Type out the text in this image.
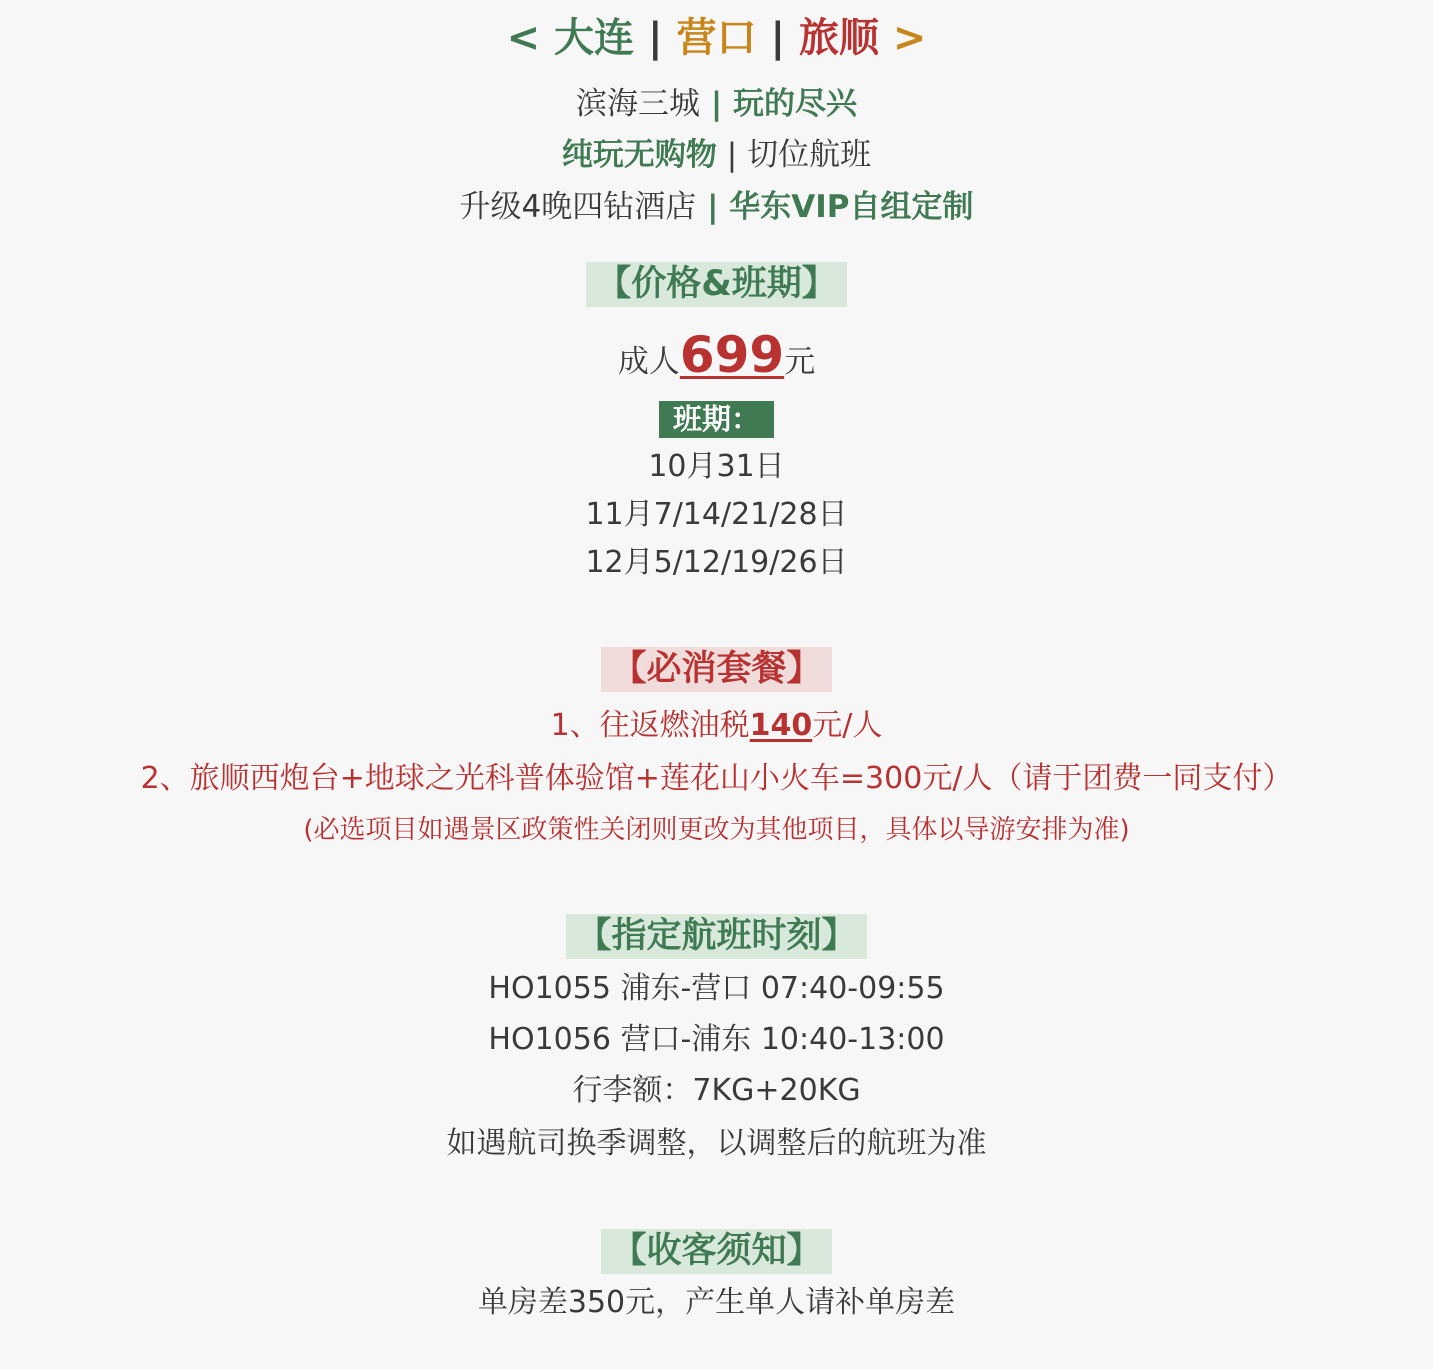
< 大连 | 营口 | 旅顺 >
滨海三城 | 玩的尽兴
纯玩无购物 | 切位航班
升级4晚四钻酒店 | 华东VIP自组定制
【价格&班期】
成人699元
班期：
10月31日
11月7/14/21/28日
12月5/12/19/26日
【必消套餐】
1、往返燃油税140元/人
2、旅顺西炮台+地球之光科普体验馆+莲花山小火车=300元/人（请于团费一同支付）
(必选项目如遇景区政策性关闭则更改为其他项目，具体以导游安排为准)
【指定航班时刻】
HO1055 浦东-营口 07:40-09:55
HO1056 营口-浦东 10:40-13:00
行李额：7KG+20KG
如遇航司换季调整，以调整后的航班为准
【收客须知】
单房差350元，产生单人请补单房差
